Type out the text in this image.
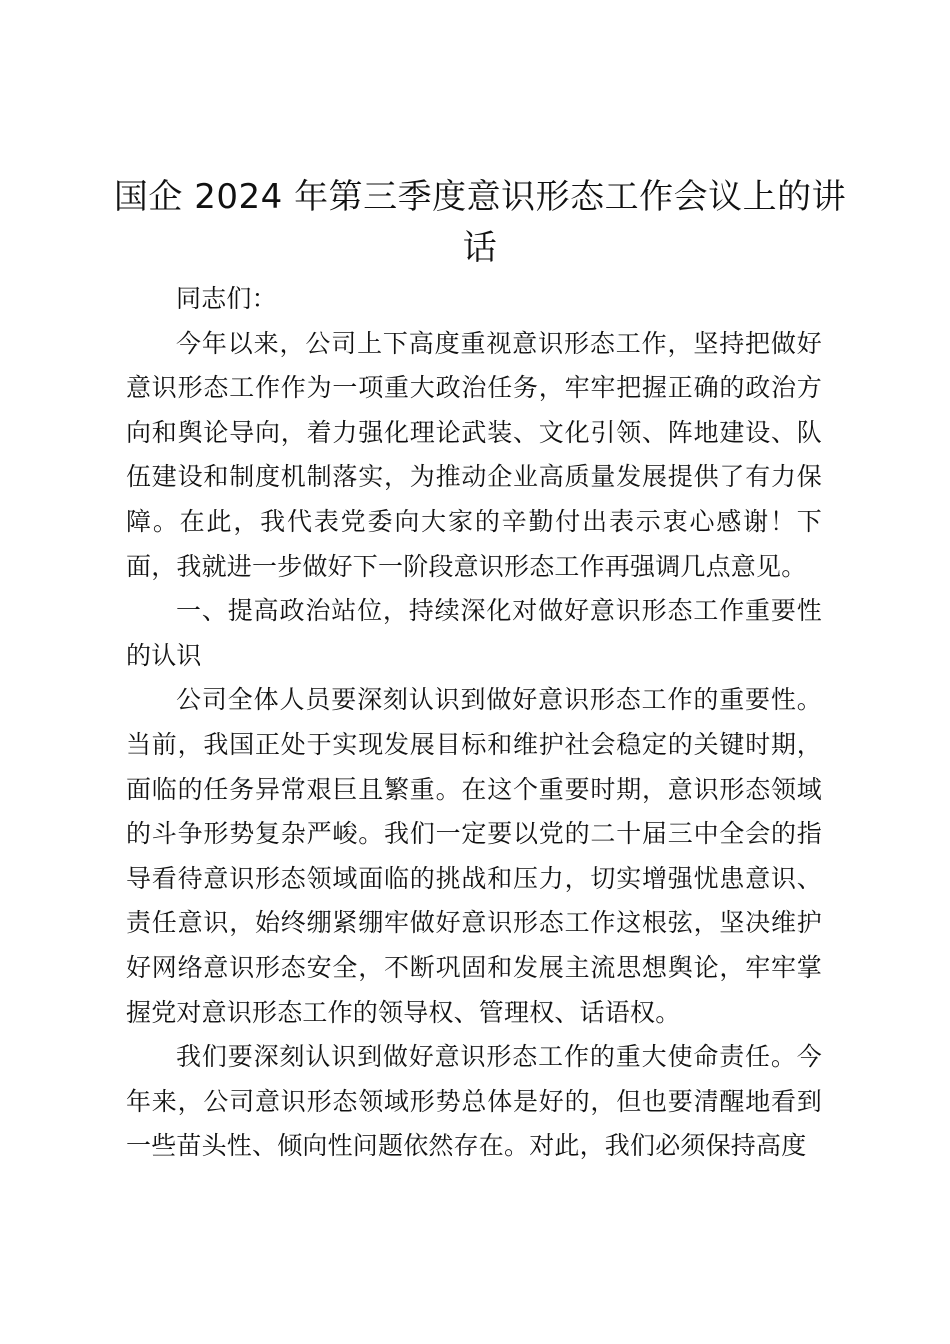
国企 2024 年第三季度意识形态工作会议上的讲话

同志们：

今年以来，公司上下高度重视意识形态工作，坚持把做好意识形态工作作为一项重大政治任务，牢牢把握正确的政治方向和舆论导向，着力强化理论武装、文化引领、阵地建设、队伍建设和制度机制落实，为推动企业高质量发展提供了有力保障。在此，我代表党委向大家的辛勤付出表示衷心感谢！下面，我就进一步做好下一阶段意识形态工作再强调几点意见。

一、提高政治站位，持续深化对做好意识形态工作重要性的认识

公司全体人员要深刻认识到做好意识形态工作的重要性。当前，我国正处于实现发展目标和维护社会稳定的关键时期，面临的任务异常艰巨且繁重。在这个重要时期，意识形态领域的斗争形势复杂严峻。我们一定要以党的二十届三中全会的指导看待意识形态领域面临的挑战和压力，切实增强忧患意识、责任意识，始终绷紧绷牢做好意识形态工作这根弦，坚决维护好网络意识形态安全，不断巩固和发展主流思想舆论，牢牢掌握党对意识形态工作的领导权、管理权、话语权。

我们要深刻认识到做好意识形态工作的重大使命责任。今年来，公司意识形态领域形势总体是好的，但也要清醒地看到一些苗头性、倾向性问题依然存在。对此，我们必须保持高度
